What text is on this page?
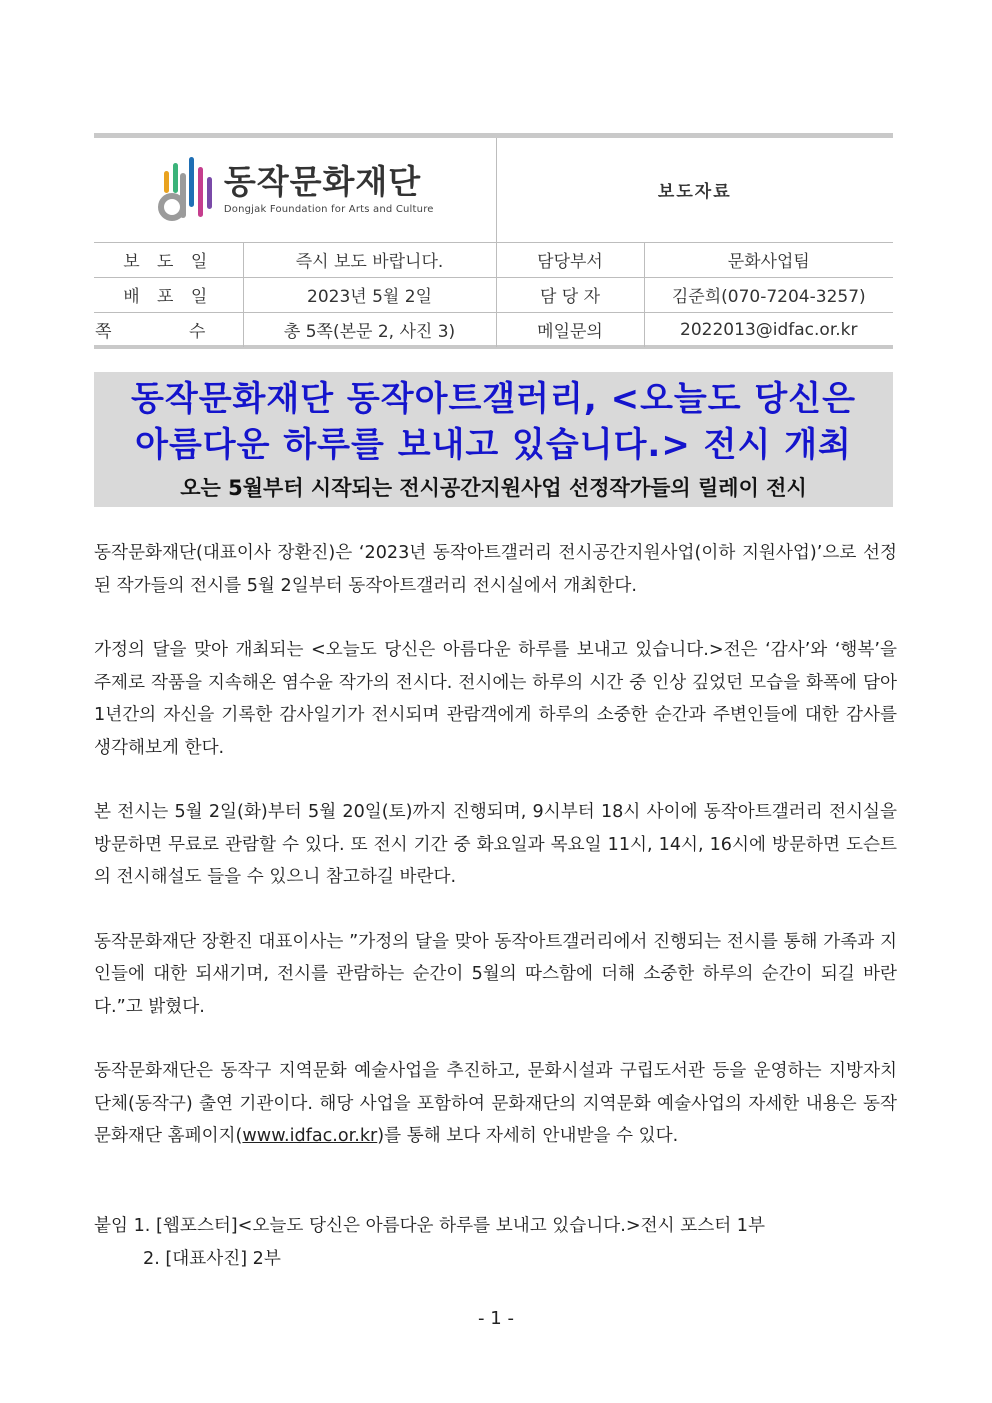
동작문화재단
Dongjak Foundation for Arts and Culture		보도자료	
보 도 일	즉시 보도 바랍니다.	담당부서	문화사업팀
배 포 일	2023년 5월 2일	담 당 자	김준희(070-7204-3257)
쪽 수	총 5쪽(본문 2, 사진 3)	메일문의	2022013@idfac.or.kr
동작문화재단 동작아트갤러리, <오늘도 당신은
아름다운 하루를 보내고 있습니다.> 전시 개최
오는 5월부터 시작되는 전시공간지원사업 선정작가들의 릴레이 전시

동작문화재단(대표이사 장환진)은 ‘2023년 동작아트갤러리 전시공간지원사업(이하 지원사업)’으로 선정된 작가들의 전시를 5월 2일부터 동작아트갤러리 전시실에서 개최한다.

가정의 달을 맞아 개최되는 <오늘도 당신은 아름다운 하루를 보내고 있습니다.>전은 ‘감사’와 ‘행복’을 주제로 작품을 지속해온 염수윤 작가의 전시다. 전시에는 하루의 시간 중 인상 깊었던 모습을 화폭에 담아 1년간의 자신을 기록한 감사일기가 전시되며 관람객에게 하루의 소중한 순간과 주변인들에 대한 감사를 생각해보게 한다.

본 전시는 5월 2일(화)부터 5월 20일(토)까지 진행되며, 9시부터 18시 사이에 동작아트갤러리 전시실을 방문하면 무료로 관람할 수 있다. 또 전시 기간 중 화요일과 목요일 11시, 14시, 16시에 방문하면 도슨트의 전시해설도 들을 수 있으니 참고하길 바란다.

동작문화재단 장환진 대표이사는 ”가정의 달을 맞아 동작아트갤러리에서 진행되는 전시를 통해 가족과 지인들에 대한 되새기며, 전시를 관람하는 순간이 5월의 따스함에 더해 소중한 하루의 순간이 되길 바란다.”고 밝혔다.

동작문화재단은 동작구 지역문화 예술사업을 추진하고, 문화시설과 구립도서관 등을 운영하는 지방자치단체(동작구) 출연 기관이다. 해당 사업을 포함하여 문화재단의 지역문화 예술사업의 자세한 내용은 동작문화재단 홈페이지(www.idfac.or.kr)를 통해 보다 자세히 안내받을 수 있다.

붙임 1. [웹포스터]<오늘도 당신은 아름다운 하루를 보내고 있습니다.>전시 포스터 1부
2. [대표사진] 2부
- 1 -
